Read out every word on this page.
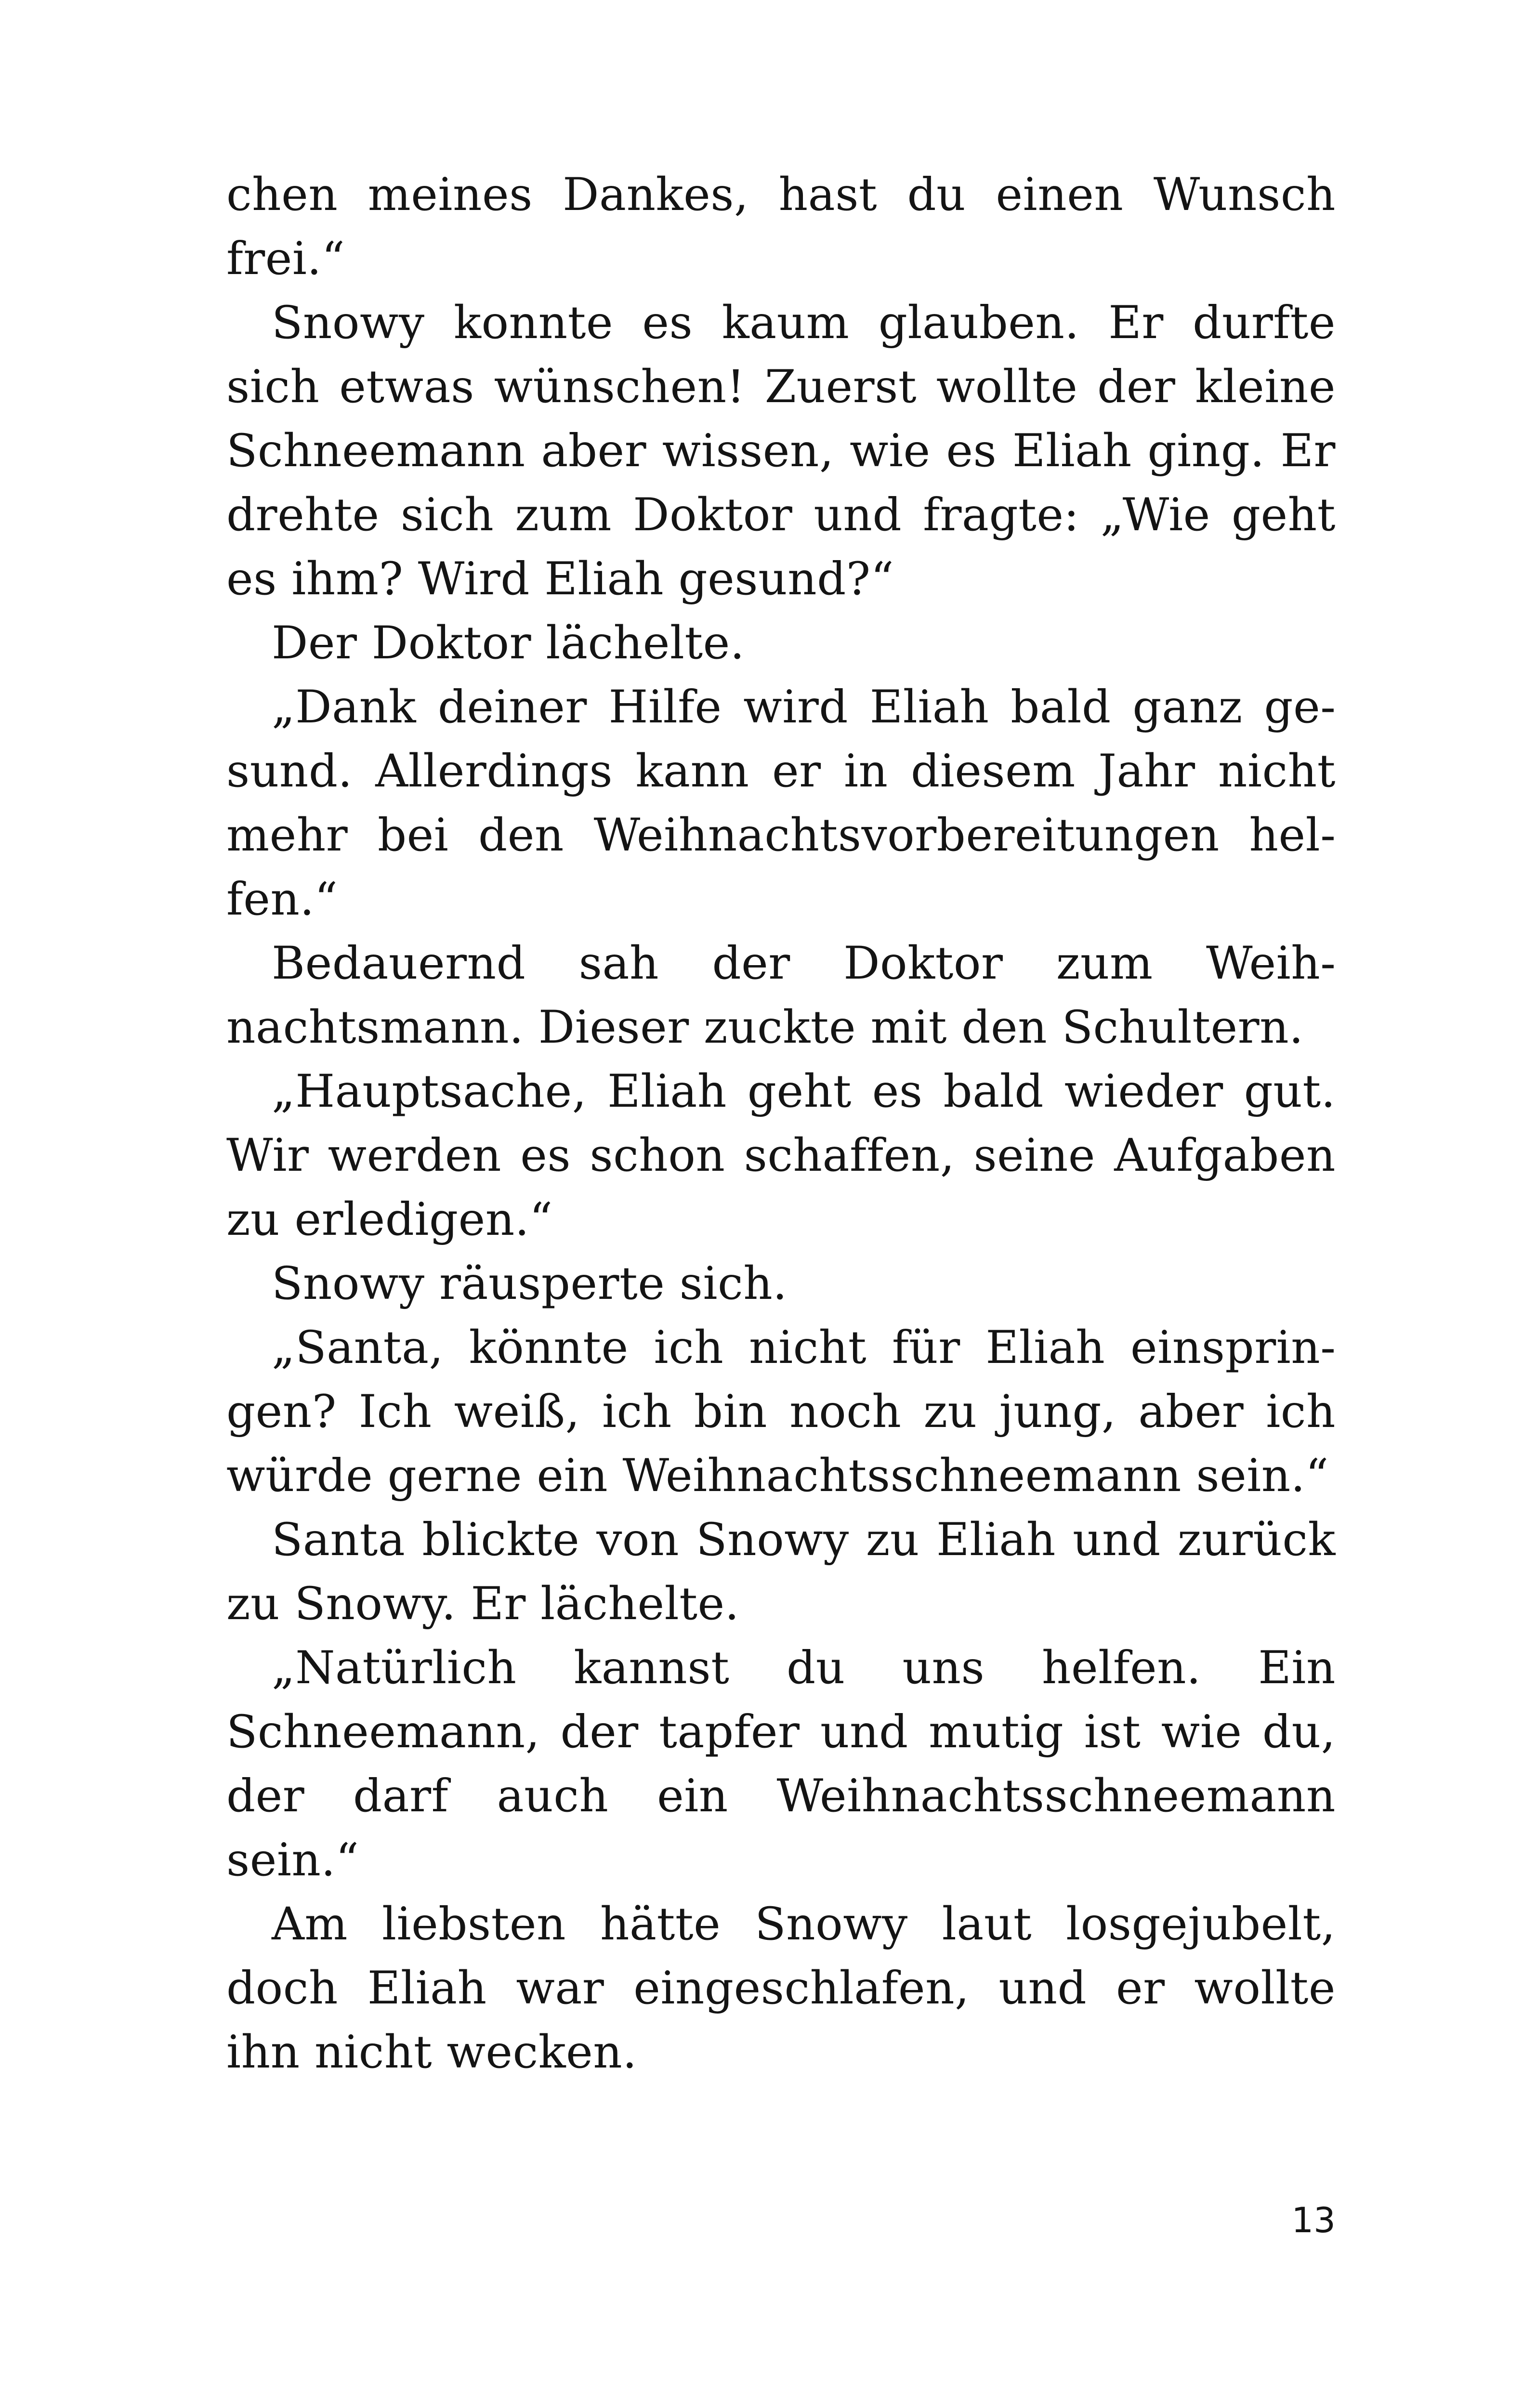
chen meines Dankes, hast du einen Wunsch frei.“

Snowy konnte es kaum glauben. Er durfte sich etwas wünschen! Zuerst wollte der kleine Schneemann aber wissen, wie es Eliah ging. Er drehte sich zum Doktor und fragte: „Wie geht es ihm? Wird Eliah gesund?“

Der Doktor lächelte.

„Dank deiner Hilfe wird Eliah bald ganz gesund. Allerdings kann er in diesem Jahr nicht mehr bei den Weihnachtsvorbereitungen helfen.“

Bedauernd sah der Doktor zum Weihnachtsmann. Dieser zuckte mit den Schultern.

„Hauptsache, Eliah geht es bald wieder gut. Wir werden es schon schaffen, seine Aufgaben zu erledigen.“

Snowy räusperte sich.

„Santa, könnte ich nicht für Eliah einspringen? Ich weiß, ich bin noch zu jung, aber ich würde gerne ein Weihnachtsschneemann sein.“

Santa blickte von Snowy zu Eliah und zurück zu Snowy. Er lächelte.

„Natürlich kannst du uns helfen. Ein Schneemann, der tapfer und mutig ist wie du, der darf auch ein Weihnachtsschneemann sein.“

Am liebsten hätte Snowy laut losgejubelt, doch Eliah war eingeschlafen, und er wollte ihn nicht wecken.

13
